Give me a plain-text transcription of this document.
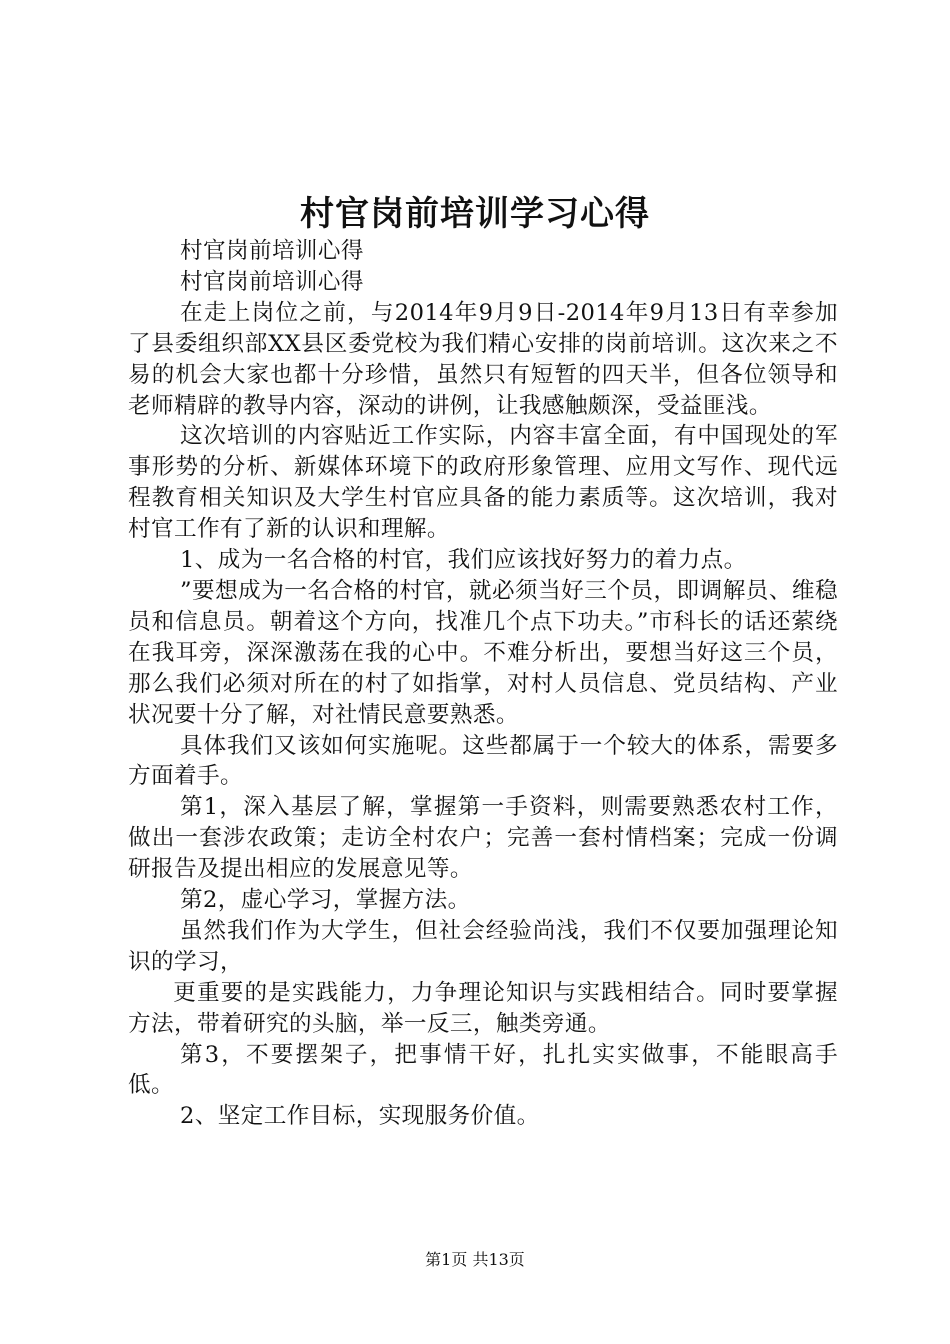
村官岗前培训学习心得

村官岗前培训心得

村官岗前培训心得

在走上岗位之前，与2014年9月9日-2014年9月13日有幸参加了县委组织部XX县区委党校为我们精心安排的岗前培训。这次来之不易的机会大家也都十分珍惜，虽然只有短暂的四天半，但各位领导和老师精辟的教导内容，深动的讲例，让我感触颇深，受益匪浅。

这次培训的内容贴近工作实际，内容丰富全面，有中国现处的军事形势的分析、新媒体环境下的政府形象管理、应用文写作、现代远程教育相关知识及大学生村官应具备的能力素质等。这次培训，我对村官工作有了新的认识和理解。

1、成为一名合格的村官，我们应该找好努力的着力点。

”要想成为一名合格的村官，就必须当好三个员，即调解员、维稳员和信息员。朝着这个方向，找准几个点下功夫。”市科长的话还萦绕在我耳旁，深深激荡在我的心中。不难分析出，要想当好这三个员，那么我们必须对所在的村了如指掌，对村人员信息、党员结构、产业状况要十分了解，对社情民意要熟悉。

具体我们又该如何实施呢。这些都属于一个较大的体系，需要多方面着手。

第1，深入基层了解，掌握第一手资料，则需要熟悉农村工作，做出一套涉农政策；走访全村农户；完善一套村情档案；完成一份调研报告及提出相应的发展意见等。

第2，虚心学习，掌握方法。

虽然我们作为大学生，但社会经验尚浅，我们不仅要加强理论知识的学习，

更重要的是实践能力，力争理论知识与实践相结合。同时要掌握方法，带着研究的头脑，举一反三，触类旁通。

第3，不要摆架子，把事情干好，扎扎实实做事，不能眼高手低。

2、坚定工作目标，实现服务价值。

第1页 共13页
